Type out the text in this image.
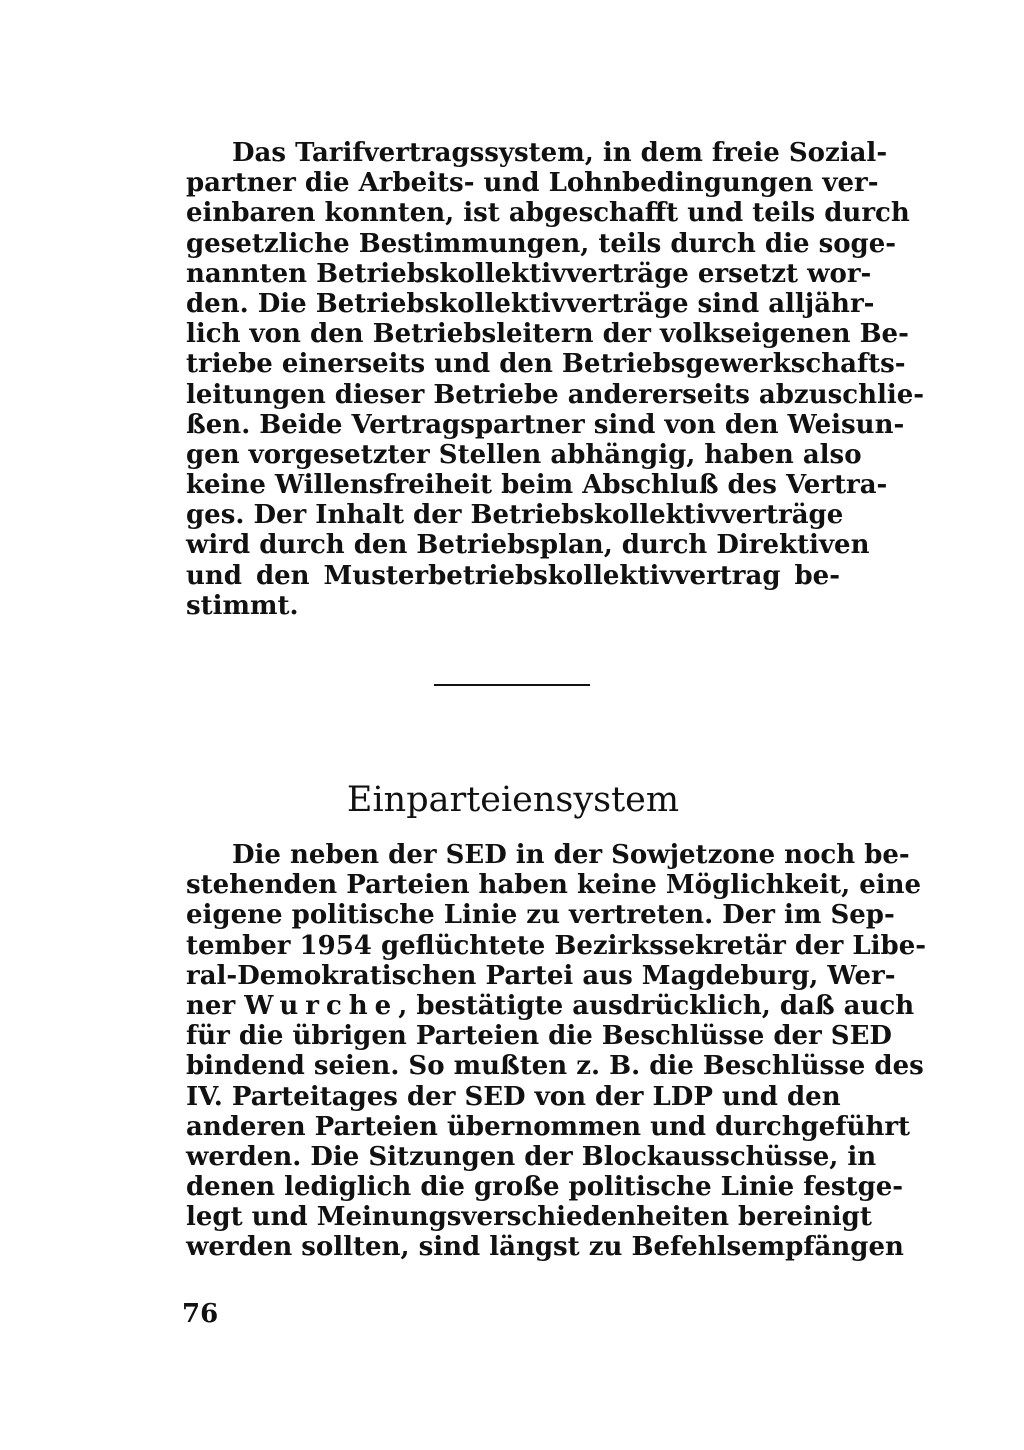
Das Tarifvertragssystem, in dem freie Sozial-
partner die Arbeits- und Lohnbedingungen ver-
einbaren konnten, ist abgeschafft und teils durch
gesetzliche Bestimmungen, teils durch die soge-
nannten Betriebskollektivverträge ersetzt wor-
den. Die Betriebskollektivverträge sind alljähr-
lich von den Betriebsleitern der volkseigenen Be-
triebe einerseits und den Betriebsgewerkschafts-
leitungen dieser Betriebe andererseits abzuschlie-
ßen. Beide Vertragspartner sind von den Weisun-
gen vorgesetzter Stellen abhängig, haben also
keine Willensfreiheit beim Abschluß des Vertra-
ges. Der Inhalt der Betriebskollektivverträge
wird durch den Betriebsplan, durch Direktiven
und den Musterbetriebskollektivvertrag be-
stimmt.
Einparteiensystem
Die neben der SED in der Sowjetzone noch be-
stehenden Parteien haben keine Möglichkeit, eine
eigene politische Linie zu vertreten. Der im Sep-
tember 1954 geflüchtete Bezirkssekretär der Libe-
ral-Demokratischen Partei aus Magdeburg, Wer-
ner Wurche, bestätigte ausdrücklich, daß auch
für die übrigen Parteien die Beschlüsse der SED
bindend seien. So mußten z. B. die Beschlüsse des
IV. Parteitages der SED von der LDP und den
anderen Parteien übernommen und durchgeführt
werden. Die Sitzungen der Blockausschüsse, in
denen lediglich die große politische Linie festge-
legt und Meinungsverschiedenheiten bereinigt
werden sollten, sind längst zu Befehlsempfängen
76
